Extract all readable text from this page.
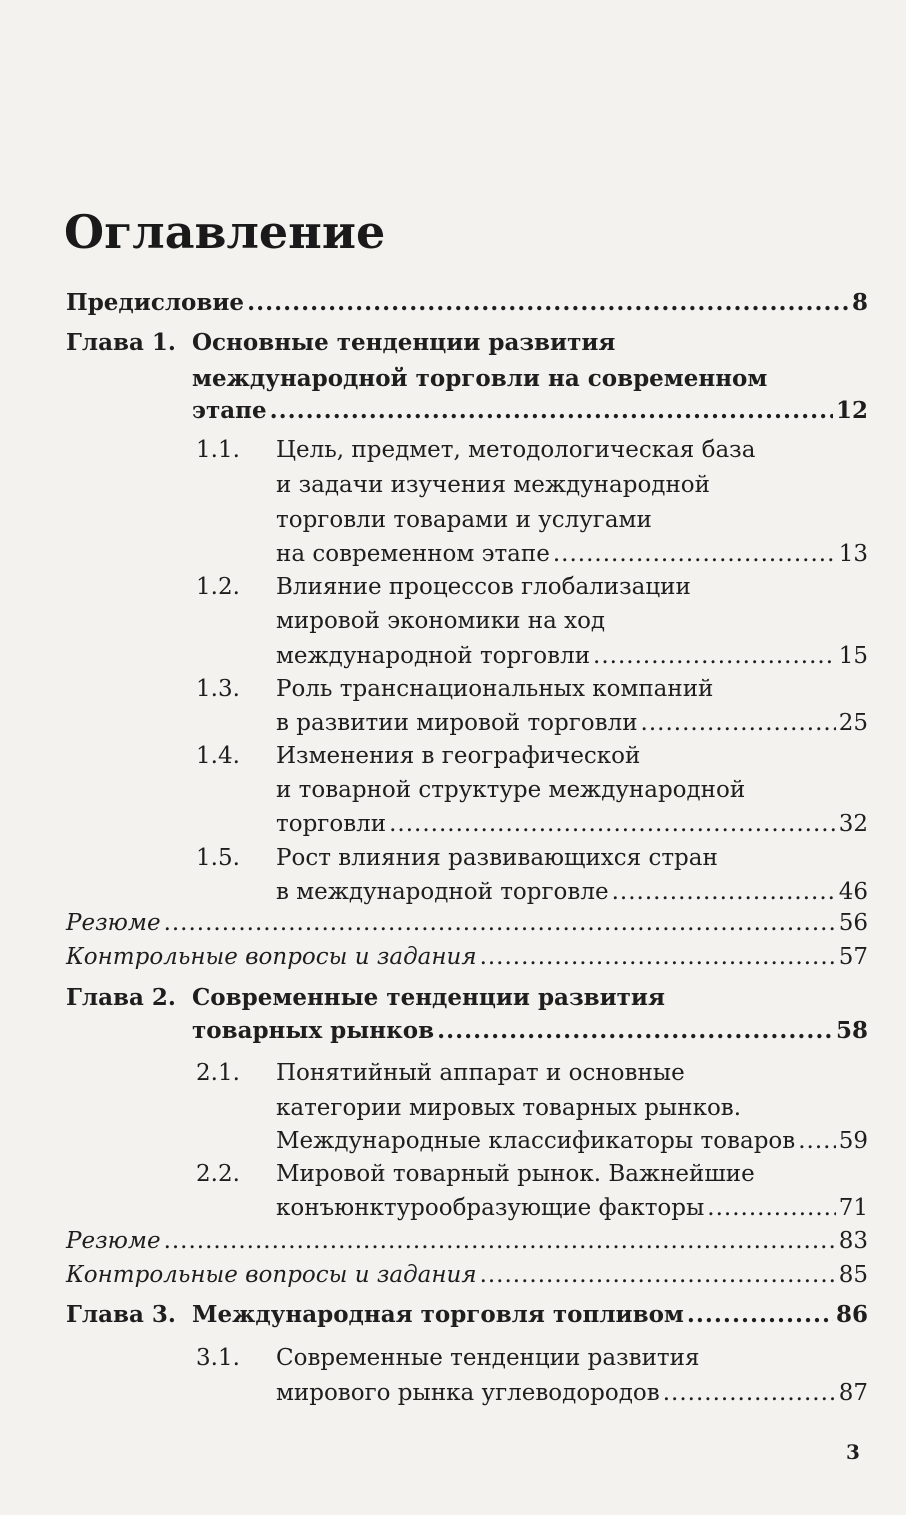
Оглавление
Предисловие .....	8
Глава 1. Основные тенденции развития
международной торговли на современном
этапе .....	12
1.1. Цель, предмет, методологическая база
и задачи изучения международной
торговли товарами и услугами
на современном этапе .....	13
1.2. Влияние процессов глобализации
мировой экономики на ход
международной торговли .....	15
1.3. Роль транснациональных компаний
в развитии мировой торговли .....	25
1.4. Изменения в географической
и товарной структуре международной
торговли .....	32
1.5. Рост влияния развивающихся стран
в международной торговле .....	46
Резюме .....	56
Контрольные вопросы и задания .....	57
Глава 2. Современные тенденции развития
товарных рынков .....	58
2.1. Понятийный аппарат и основные
категории мировых товарных рынков.
Международные классификаторы товаров ..... 59
2.2. Мировой товарный рынок. Важнейшие
конъюнктурообразующие факторы .....	71
Резюме .....	83
Контрольные вопросы и задания .....	85
Глава 3. Международная торговля топливом .....	86
3.1. Современные тенденции развития
мирового рынка углеводородов .....	87
3
